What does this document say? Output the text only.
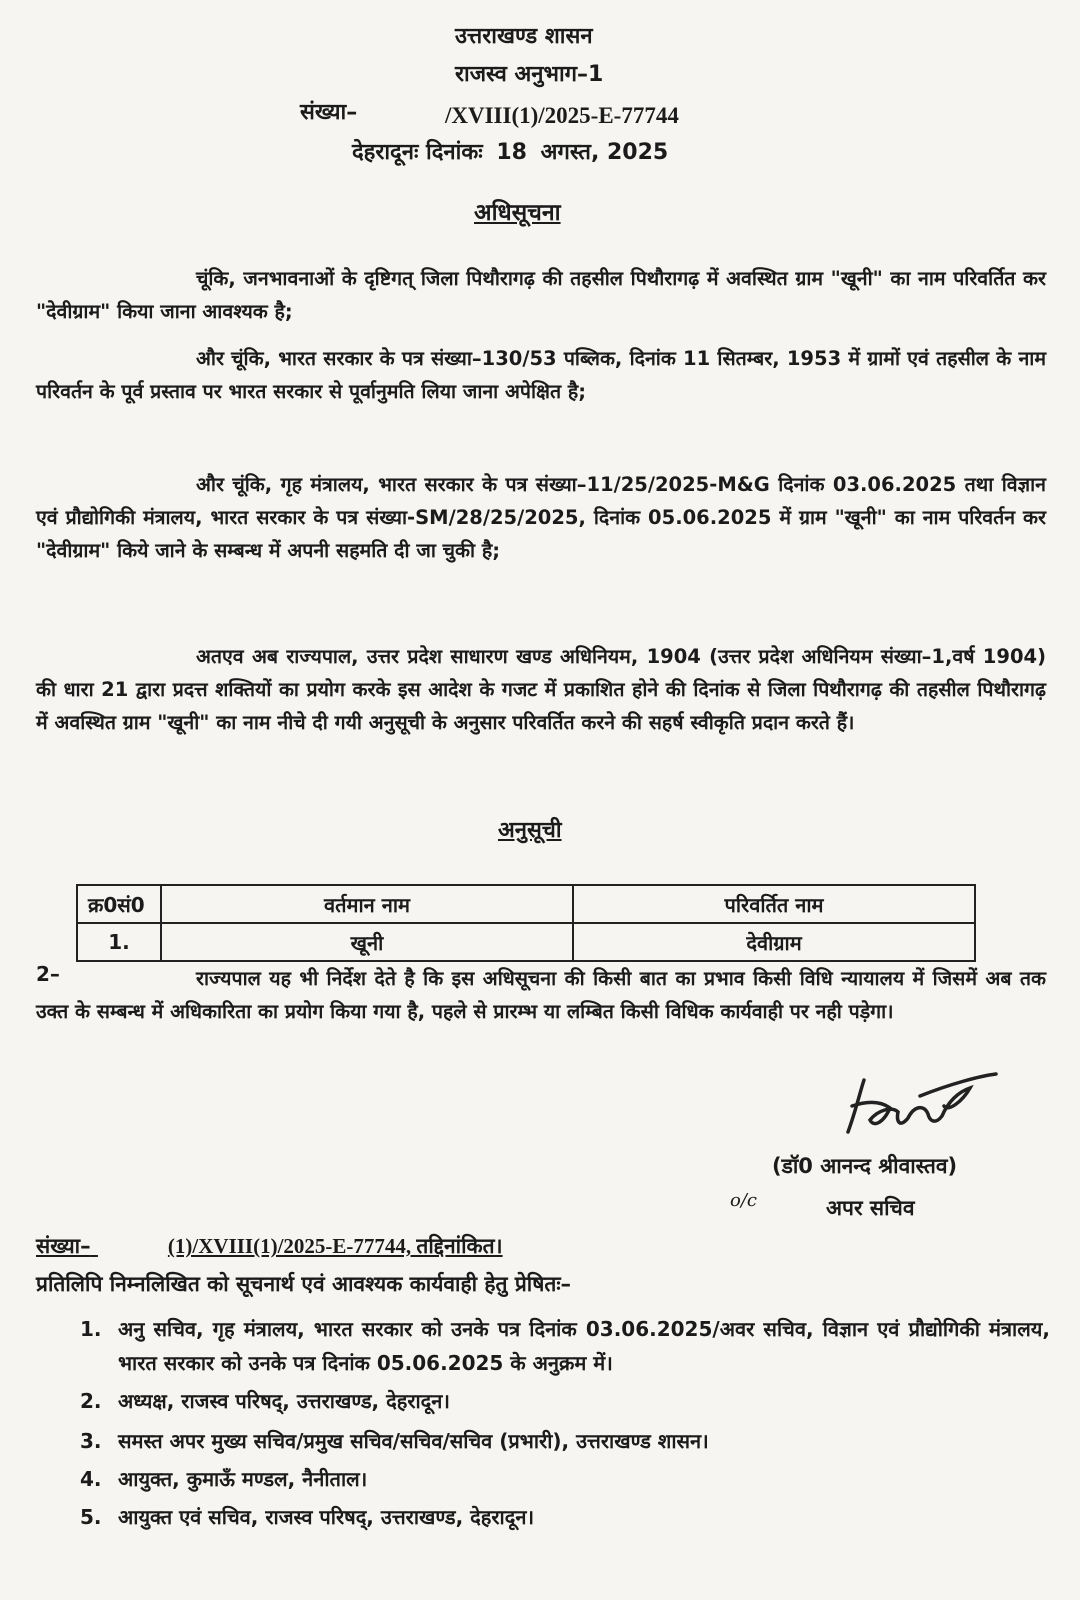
उत्तराखण्ड शासन
राजस्व अनुभाग–1
संख्या–	/XVIII(1)/2025-E-77744
देहरादूनः दिनांकः 18 अगस्त, 2025
अधिसूचना
चूंकि, जनभावनाओं के दृष्टिगत् जिला पिथौरागढ़ की तहसील पिथौरागढ़ में अवस्थित ग्राम "खूनी" का नाम परिवर्तित कर "देवीग्राम" किया जाना आवश्यक है;
और चूंकि, भारत सरकार के पत्र संख्या–130/53 पब्लिक, दिनांक 11 सितम्बर, 1953 में ग्रामों एवं तहसील के नाम परिवर्तन के पूर्व प्रस्ताव पर भारत सरकार से पूर्वानुमति लिया जाना अपेक्षित है;
और चूंकि, गृह मंत्रालय, भारत सरकार के पत्र संख्या–11/25/2025-M&G दिनांक 03.06.2025 तथा विज्ञान एवं प्रौद्योगिकी मंत्रालय, भारत सरकार के पत्र संख्या-SM/28/25/2025, दिनांक 05.06.2025 में ग्राम "खूनी" का नाम परिवर्तन कर "देवीग्राम" किये जाने के सम्बन्ध में अपनी सहमति दी जा चुकी है;
अतएव अब राज्यपाल, उत्तर प्रदेश साधारण खण्ड अधिनियम, 1904 (उत्तर प्रदेश अधिनियम संख्या–1,वर्ष 1904) की धारा 21 द्वारा प्रदत्त शक्तियों का प्रयोग करके इस आदेश के गजट में प्रकाशित होने की दिनांक से जिला पिथौरागढ़ की तहसील पिथौरागढ़ में अवस्थित ग्राम "खूनी" का नाम नीचे दी गयी अनुसूची के अनुसार परिवर्तित करने की सहर्ष स्वीकृति प्रदान करते हैं।
अनुसूची
क्र0सं0	वर्तमान नाम	परिवर्तित नाम
1.	खूनी	देवीग्राम
2–	राज्यपाल यह भी निर्देश देते है कि इस अधिसूचना की किसी बात का प्रभाव किसी विधि न्यायालय में जिसमें अब तक उक्त के सम्बन्ध में अधिकारिता का प्रयोग किया गया है, पहले से प्रारम्भ या लम्बित किसी विधिक कार्यवाही पर नही पड़ेगा।
(डॉ0 आनन्द श्रीवास्तव)
o/c	अपर सचिव
संख्या–	(1)/XVIII(1)/2025-E-77744, तद्दिनांकित।
प्रतिलिपि निम्नलिखित को सूचनार्थ एवं आवश्यक कार्यवाही हेतु प्रेषितः–
1. अनु सचिव, गृह मंत्रालय, भारत सरकार को उनके पत्र दिनांक 03.06.2025/अवर सचिव, विज्ञान एवं प्रौद्योगिकी मंत्रालय, भारत सरकार को उनके पत्र दिनांक 05.06.2025 के अनुक्रम में।
2. अध्यक्ष, राजस्व परिषद्, उत्तराखण्ड, देहरादून।
3. समस्त अपर मुख्य सचिव/प्रमुख सचिव/सचिव/सचिव (प्रभारी), उत्तराखण्ड शासन।
4. आयुक्त, कुमाऊँ मण्डल, नैनीताल।
5. आयुक्त एवं सचिव, राजस्व परिषद्, उत्तराखण्ड, देहरादून।
